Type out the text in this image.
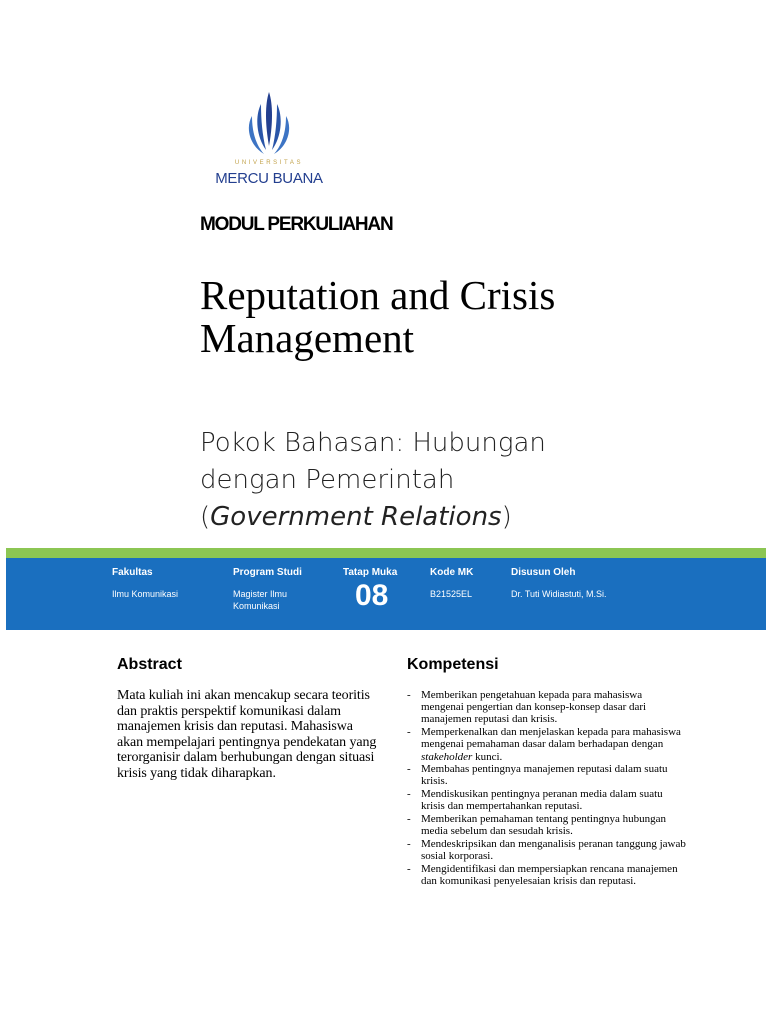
UNIVERSITAS
MERCU BUANA
MODUL PERKULIAHAN
Reputation and Crisis
Management
Pokok Bahasan: Hubungan
dengan Pemerintah
(Government Relations)
Fakultas
Ilmu Komunikasi
Program Studi
Magister Ilmu
Komunikasi
Tatap Muka
08
Kode MK
B21525EL
Disusun Oleh
Dr. Tuti Widiastuti, M.Si.
Abstract
Mata kuliah ini akan mencakup secara teoritis dan praktis perspektif komunikasi dalam manajemen krisis dan reputasi. Mahasiswa akan mempelajari pentingnya pendekatan yang terorganisir dalam berhubungan dengan situasi krisis yang tidak diharapkan.
Kompetensi
- Memberikan pengetahuan kepada para mahasiswa mengenai pengertian dan konsep-konsep dasar dari manajemen reputasi dan krisis.
- Memperkenalkan dan menjelaskan kepada para mahasiswa mengenai pemahaman dasar dalam berhadapan dengan stakeholder kunci.
- Membahas pentingnya manajemen reputasi dalam suatu krisis.
- Mendiskusikan pentingnya peranan media dalam suatu krisis dan mempertahankan reputasi.
- Memberikan pemahaman tentang pentingnya hubungan media sebelum dan sesudah krisis.
- Mendeskripsikan dan menganalisis peranan tanggung jawab sosial korporasi.
- Mengidentifikasi dan mempersiapkan rencana manajemen dan komunikasi penyelesaian krisis dan reputasi.
